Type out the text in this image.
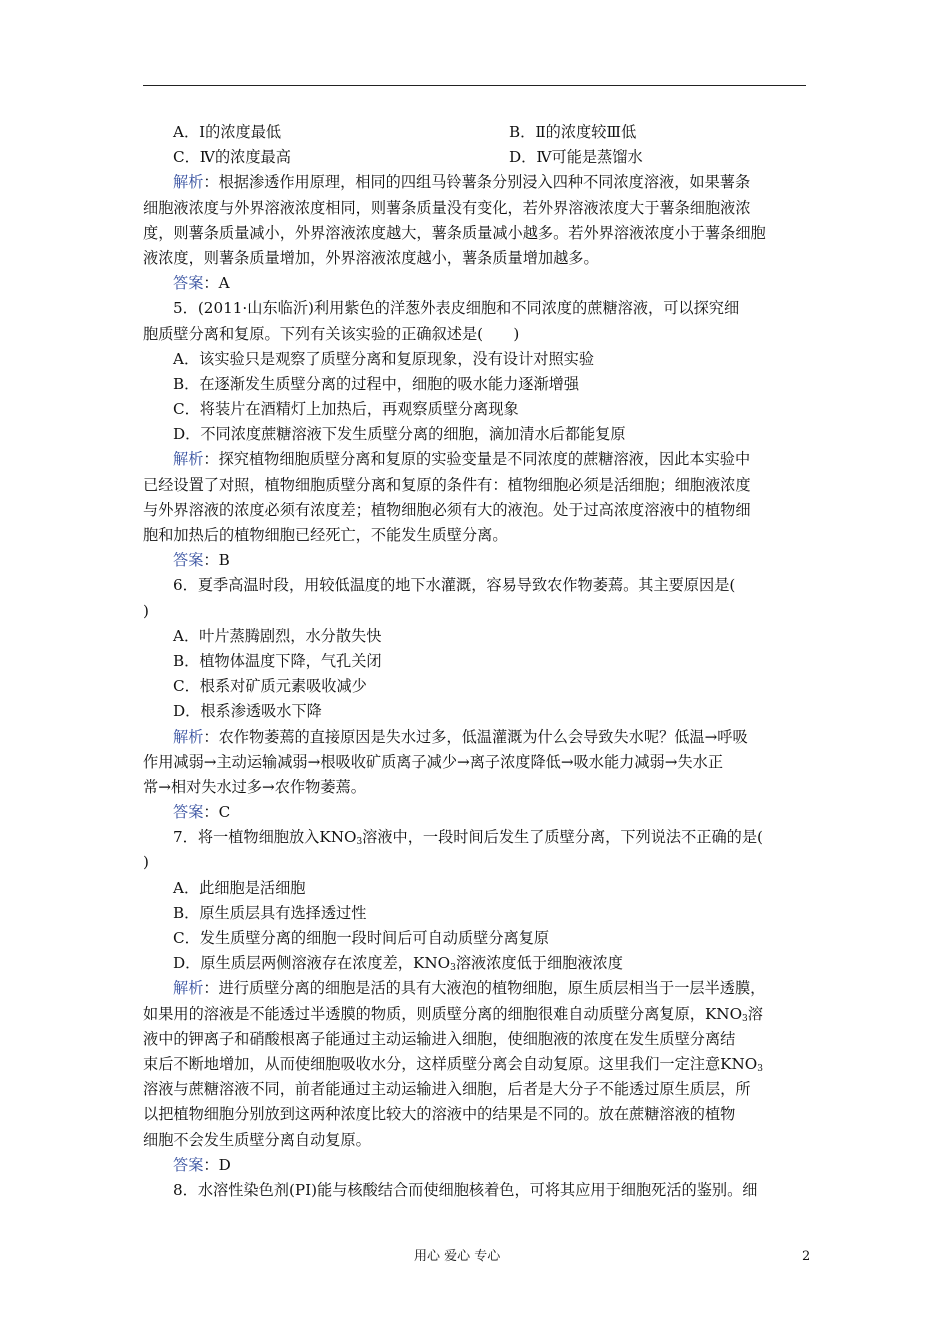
A．Ⅰ的浓度最低	B．Ⅱ的浓度较Ⅲ低
C．Ⅳ的浓度最高	D．Ⅳ可能是蒸馏水
解析：根据渗透作用原理，相同的四组马铃薯条分别浸入四种不同浓度溶液，如果薯条
细胞液浓度与外界溶液浓度相同，则薯条质量没有变化，若外界溶液浓度大于薯条细胞液浓
度，则薯条质量减小，外界溶液浓度越大，薯条质量减小越多。若外界溶液浓度小于薯条细胞
液浓度，则薯条质量增加，外界溶液浓度越小，薯条质量增加越多。
答案：A
5．(2011·山东临沂)利用紫色的洋葱外表皮细胞和不同浓度的蔗糖溶液，可以探究细
胞质壁分离和复原。下列有关该实验的正确叙述是(　　)
A．该实验只是观察了质壁分离和复原现象，没有设计对照实验
B．在逐渐发生质壁分离的过程中，细胞的吸水能力逐渐增强
C．将装片在酒精灯上加热后，再观察质壁分离现象
D．不同浓度蔗糖溶液下发生质壁分离的细胞，滴加清水后都能复原
解析：探究植物细胞质壁分离和复原的实验变量是不同浓度的蔗糖溶液，因此本实验中
已经设置了对照，植物细胞质壁分离和复原的条件有：植物细胞必须是活细胞；细胞液浓度
与外界溶液的浓度必须有浓度差；植物细胞必须有大的液泡。处于过高浓度溶液中的植物细
胞和加热后的植物细胞已经死亡，不能发生质壁分离。
答案：B
6．夏季高温时段，用较低温度的地下水灌溉，容易导致农作物萎蔫。其主要原因是(
)
A．叶片蒸腾剧烈，水分散失快
B．植物体温度下降，气孔关闭
C．根系对矿质元素吸收减少
D．根系渗透吸水下降
解析：农作物萎蔫的直接原因是失水过多，低温灌溉为什么会导致失水呢？低温→呼吸
作用减弱→主动运输减弱→根吸收矿质离子减少→离子浓度降低→吸水能力减弱→失水正
常→相对失水过多→农作物萎蔫。
答案：C
7．将一植物细胞放入$KNO_3$溶液中，一段时间后发生了质壁分离，下列说法不正确的是(
)
A．此细胞是活细胞
B．原生质层具有选择透过性
C．发生质壁分离的细胞一段时间后可自动质壁分离复原
D．原生质层两侧溶液存在浓度差，$KNO_3$溶液浓度低于细胞液浓度
解析：进行质壁分离的细胞是活的具有大液泡的植物细胞，原生质层相当于一层半透膜，
如果用的溶液是不能透过半透膜的物质，则质壁分离的细胞很难自动质壁分离复原，$KNO_3$溶
液中的钾离子和硝酸根离子能通过主动运输进入细胞，使细胞液的浓度在发生质壁分离结
束后不断地增加，从而使细胞吸收水分，这样质壁分离会自动复原。这里我们一定注意$KNO_3$
溶液与蔗糖溶液不同，前者能通过主动运输进入细胞，后者是大分子不能透过原生质层，所
以把植物细胞分别放到这两种浓度比较大的溶液中的结果是不同的。放在蔗糖溶液的植物
细胞不会发生质壁分离自动复原。
答案：D
8．水溶性染色剂(PI)能与核酸结合而使细胞核着色，可将其应用于细胞死活的鉴别。细
用心 爱心 专心	2
